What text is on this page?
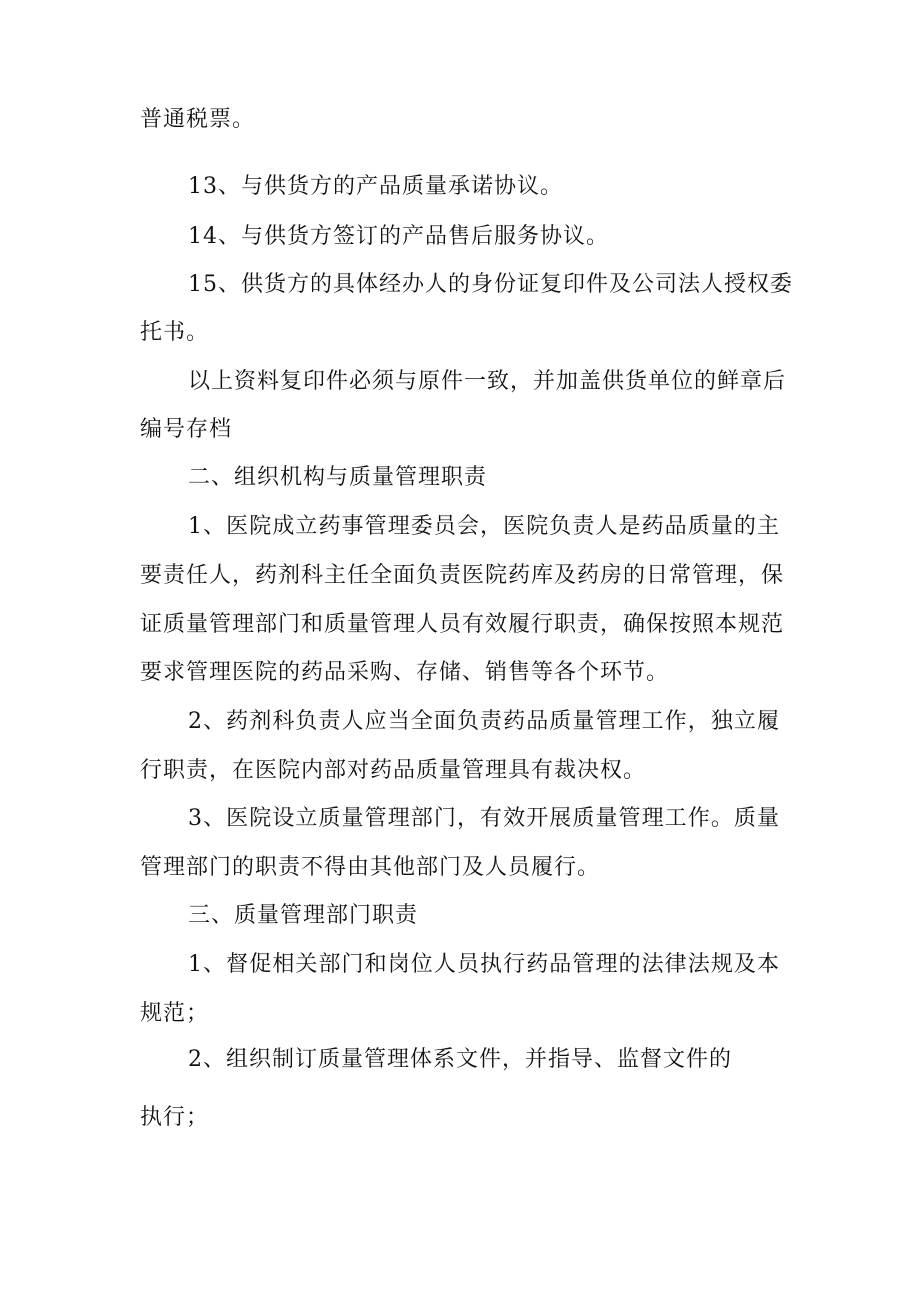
普通税票。
13、与供货方的产品质量承诺协议。
14、与供货方签订的产品售后服务协议。
15、供货方的具体经办人的身份证复印件及公司法人授权委
托书。
以上资料复印件必须与原件一致，并加盖供货单位的鲜章后
编号存档
二、组织机构与质量管理职责
1、医院成立药事管理委员会，医院负责人是药品质量的主
要责任人，药剂科主任全面负责医院药库及药房的日常管理，保
证质量管理部门和质量管理人员有效履行职责，确保按照本规范
要求管理医院的药品采购、存储、销售等各个环节。
2、药剂科负责人应当全面负责药品质量管理工作，独立履
行职责，在医院内部对药品质量管理具有裁决权。
3、医院设立质量管理部门，有效开展质量管理工作。质量
管理部门的职责不得由其他部门及人员履行。
三、质量管理部门职责
1、督促相关部门和岗位人员执行药品管理的法律法规及本
规范；
2、组织制订质量管理体系文件，并指导、监督文件的
执行；
